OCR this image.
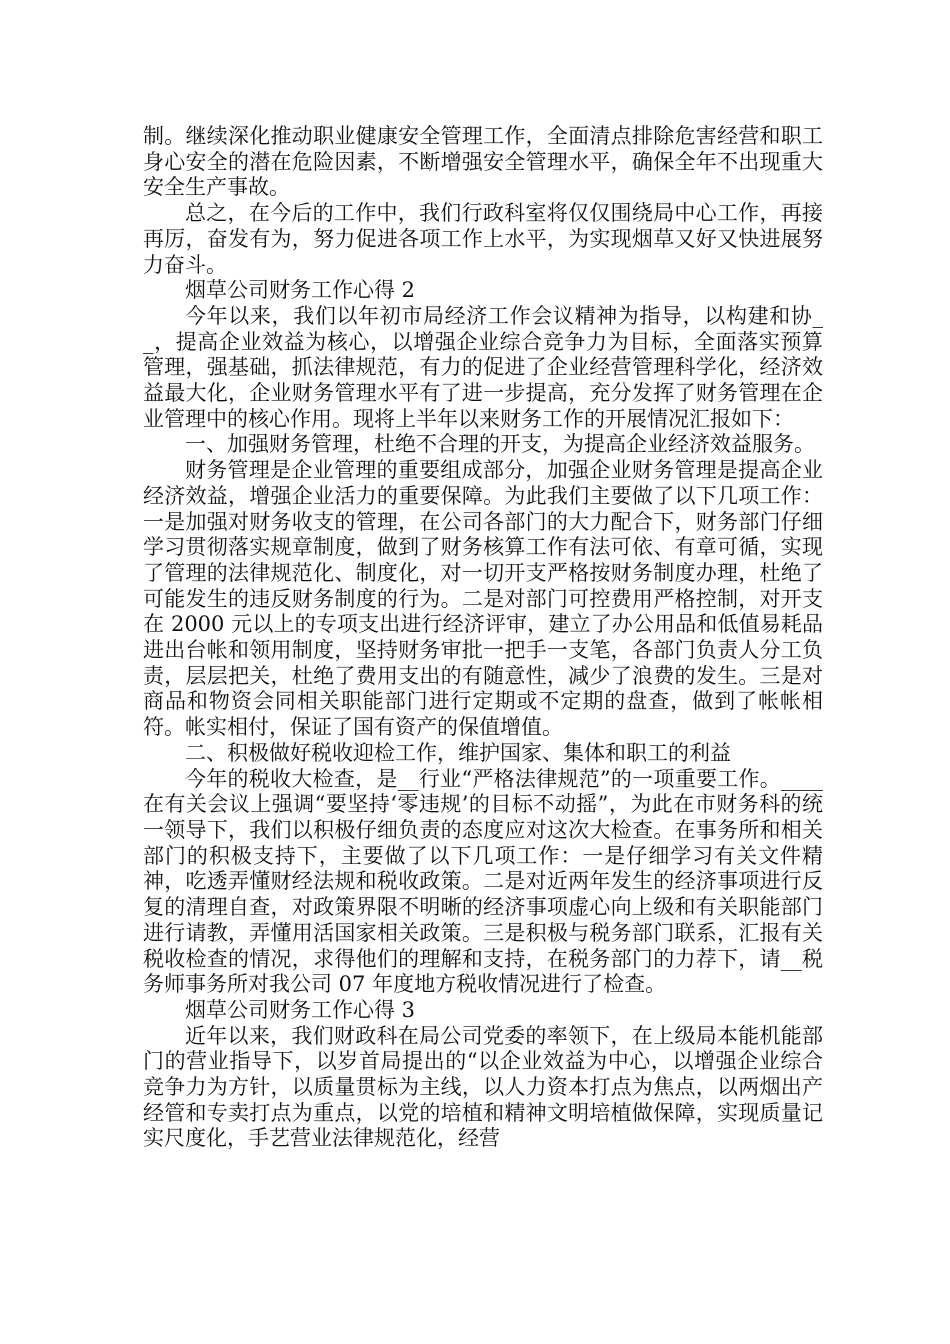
制。继续深化推动职业健康安全管理工作，全面清点排除危害经营和职工身心安全的潜在危险因素，不断增强安全管理水平，确保全年不出现重大安全生产事故。

总之，在今后的工作中，我们行政科室将仅仅围绕局中心工作，再接再厉，奋发有为，努力促进各项工作上水平，为实现烟草又好又快进展努力奋斗。

烟草公司财务工作心得 2

今年以来，我们以年初市局经济工作会议精神为指导，以构建和协__，提高企业效益为核心，以增强企业综合竞争力为目标，全面落实预算管理，强基础，抓法律规范，有力的促进了企业经营管理科学化，经济效益最大化，企业财务管理水平有了进一步提高，充分发挥了财务管理在企业管理中的核心作用。现将上半年以来财务工作的开展情况汇报如下：

一、加强财务管理，杜绝不合理的开支，为提高企业经济效益服务。

财务管理是企业管理的重要组成部分，加强企业财务管理是提高企业经济效益，增强企业活力的重要保障。为此我们主要做了以下几项工作：一是加强对财务收支的管理，在公司各部门的大力配合下，财务部门仔细学习贯彻落实规章制度，做到了财务核算工作有法可依、有章可循，实现了管理的法律规范化、制度化，对一切开支严格按财务制度办理，杜绝了可能发生的违反财务制度的行为。二是对部门可控费用严格控制，对开支在 2000 元以上的专项支出进行经济评审，建立了办公用品和低值易耗品进出台帐和领用制度，坚持财务审批一把手一支笔，各部门负责人分工负责，层层把关，杜绝了费用支出的有随意性，减少了浪费的发生。三是对商品和物资会同相关职能部门进行定期或不定期的盘查，做到了帐帐相符。帐实相付，保证了国有资产的保值增值。

二、积极做好税收迎检工作，维护国家、集体和职工的利益

今年的税收大检查，是__行业“严格法律规范”的一项重要工作。____在有关会议上强调“要坚持‘零违规’的目标不动摇”，为此在市财务科的统一领导下，我们以积极仔细负责的态度应对这次大检查。在事务所和相关部门的积极支持下，主要做了以下几项工作：一是仔细学习有关文件精神，吃透弄懂财经法规和税收政策。二是对近两年发生的经济事项进行反复的清理自查，对政策界限不明晰的经济事项虚心向上级和有关职能部门进行请教，弄懂用活国家相关政策。三是积极与税务部门联系，汇报有关税收检查的情况，求得他们的理解和支持，在税务部门的力荐下，请__税务师事务所对我公司 07 年度地方税收情况进行了检查。

烟草公司财务工作心得 3

近年以来，我们财政科在局公司党委的率领下，在上级局本能机能部门的营业指导下，以岁首局提出的“以企业效益为中心，以增强企业综合竞争力为方针，以质量贯标为主线，以人力资本打点为焦点，以两烟出产经管和专卖打点为重点，以党的培植和精神文明培植做保障，实现质量记实尺度化，手艺营业法律规范化，经营
